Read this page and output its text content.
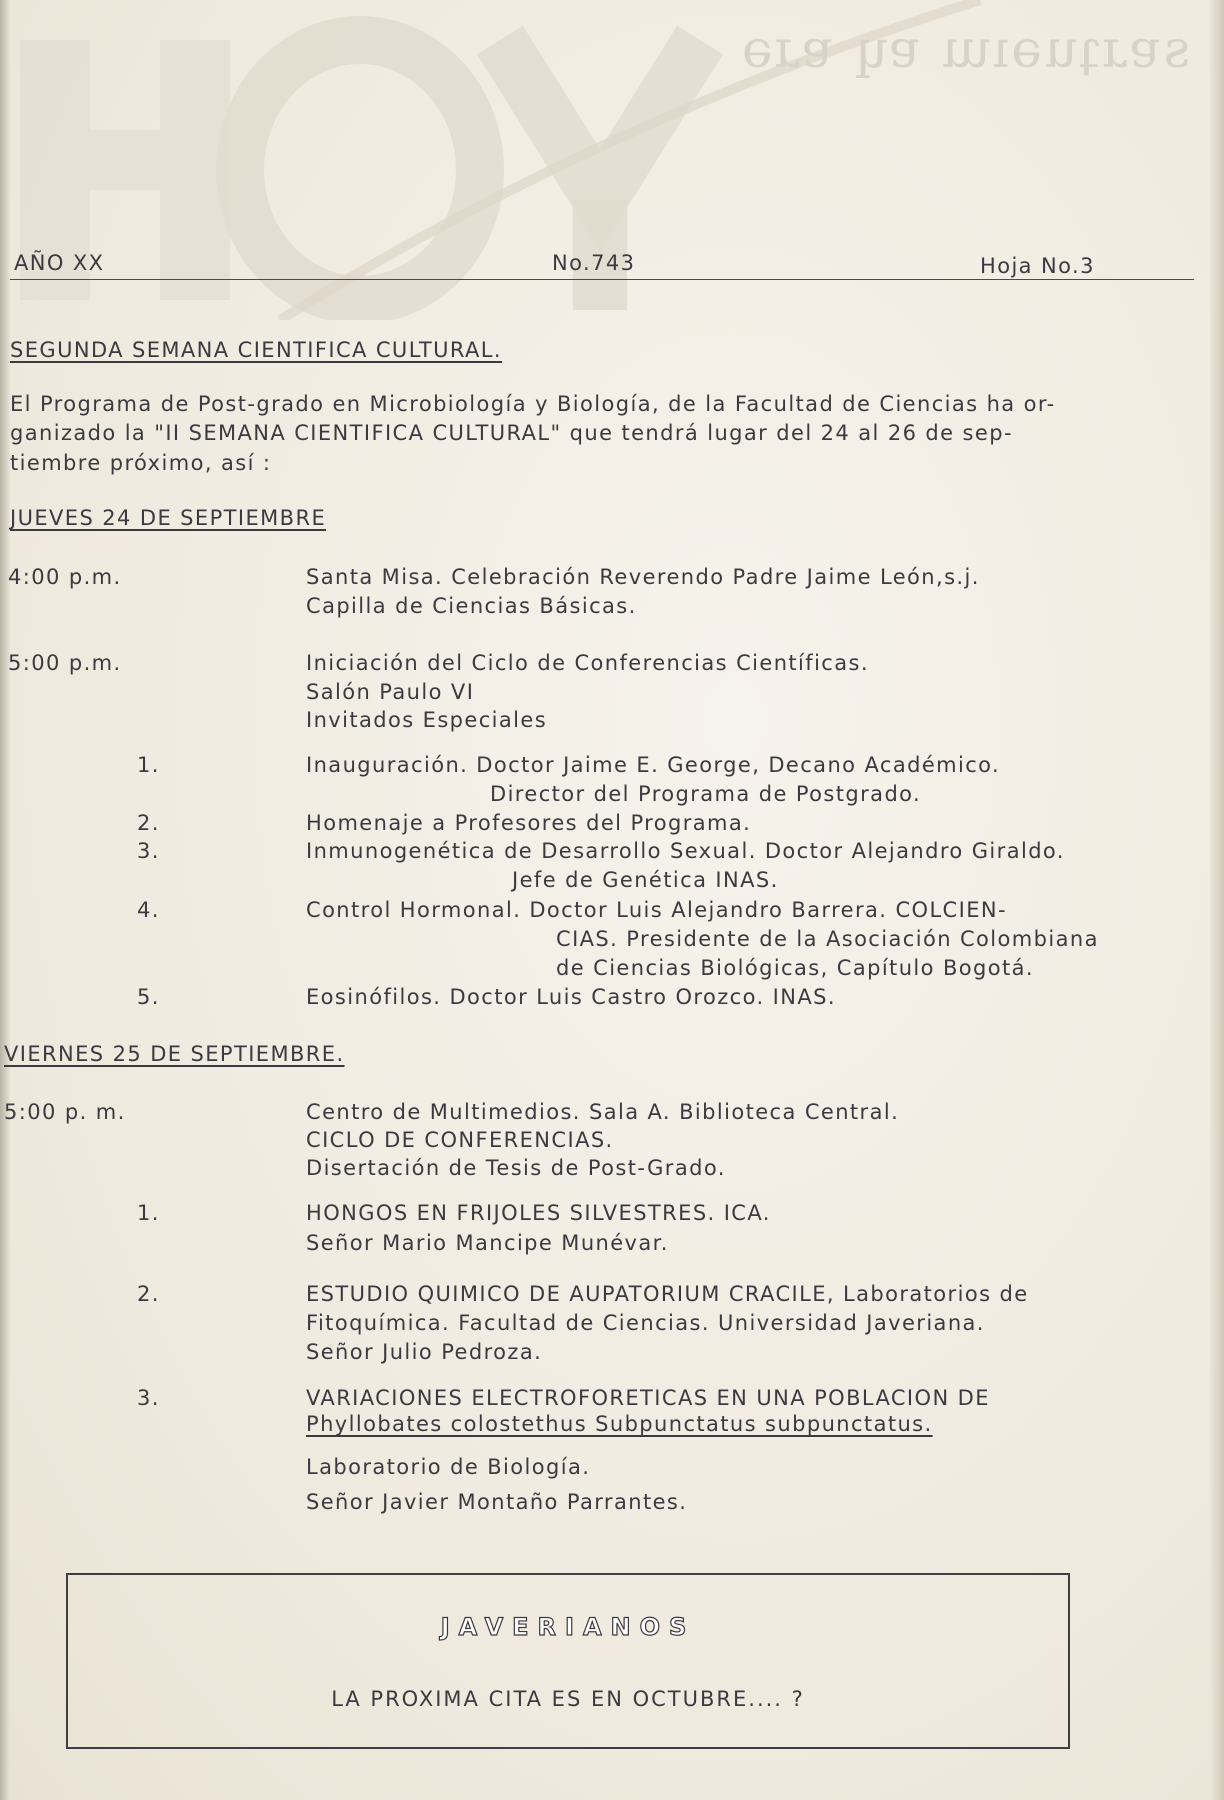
sɐɹʇuǝıɯ ɐɥ ɐɹǝ
AÑO XX	No.743	Hoja No.3
SEGUNDA SEMANA CIENTIFICA CULTURAL.
El Programa de Post-grado en Microbiología y Biología, de la Facultad de Ciencias ha or-
ganizado la "II SEMANA CIENTIFICA CULTURAL" que tendrá lugar del 24 al 26 de sep-
tiembre próximo, así :
JUEVES 24 DE SEPTIEMBRE
4:00 p.m.	Santa Misa. Celebración Reverendo Padre Jaime León,s.j.
Capilla de Ciencias Básicas.
5:00 p.m.	Iniciación del Ciclo de Conferencias Científicas.
Salón Paulo VI
Invitados Especiales
1.	Inauguración. Doctor Jaime E. George, Decano Académico.
Director del Programa de Postgrado.
2.	Homenaje a Profesores del Programa.
3.	Inmunogenética de Desarrollo Sexual. Doctor Alejandro Giraldo.
Jefe de Genética INAS.
4.	Control Hormonal. Doctor Luis Alejandro Barrera. COLCIEN-
CIAS. Presidente de la Asociación Colombiana
de Ciencias Biológicas, Capítulo Bogotá.
5.	Eosinófilos. Doctor Luis Castro Orozco. INAS.
VIERNES 25 DE SEPTIEMBRE.
5:00 p. m.	Centro de Multimedios. Sala A. Biblioteca Central.
CICLO DE CONFERENCIAS.
Disertación de Tesis de Post-Grado.
1.	HONGOS EN FRIJOLES SILVESTRES. ICA.
Señor Mario Mancipe Munévar.
2.	ESTUDIO QUIMICO DE AUPATORIUM CRACILE, Laboratorios de
Fitoquímica. Facultad de Ciencias. Universidad Javeriana.
Señor Julio Pedroza.
3.	VARIACIONES ELECTROFORETICAS EN UNA POBLACION DE
Phyllobates colostethus Subpunctatus subpunctatus.
Laboratorio de Biología.
Señor Javier Montaño Parrantes.
JAVERIANOS
LA PROXIMA CITA ES EN OCTUBRE.... ?
